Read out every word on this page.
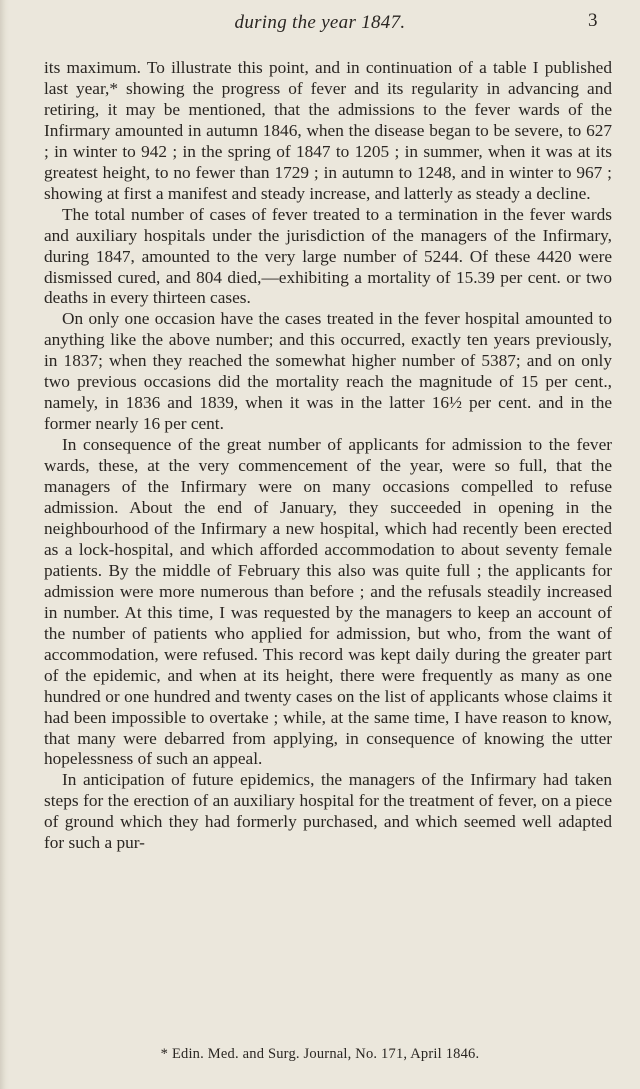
during the year 1847.	3

its maximum. To illustrate this point, and in continuation of a table I published last year,* showing the progress of fever and its regularity in advancing and retiring, it may be mentioned, that the admissions to the fever wards of the Infirmary amounted in autumn 1846, when the disease began to be severe, to 627 ; in winter to 942 ; in the spring of 1847 to 1205 ; in summer, when it was at its greatest height, to no fewer than 1729 ; in autumn to 1248, and in winter to 967 ; showing at first a manifest and steady increase, and latterly as steady a decline.

The total number of cases of fever treated to a termination in the fever wards and auxiliary hospitals under the jurisdiction of the managers of the Infirmary, during 1847, amounted to the very large number of 5244. Of these 4420 were dismissed cured, and 804 died,—exhibiting a mortality of 15.39 per cent. or two deaths in every thirteen cases.

On only one occasion have the cases treated in the fever hospital amounted to anything like the above number; and this occurred, exactly ten years previously, in 1837; when they reached the somewhat higher number of 5387; and on only two previous occasions did the mortality reach the magnitude of 15 per cent., namely, in 1836 and 1839, when it was in the latter 16½ per cent. and in the former nearly 16 per cent.

In consequence of the great number of applicants for admission to the fever wards, these, at the very commencement of the year, were so full, that the managers of the Infirmary were on many occasions compelled to refuse admission. About the end of January, they succeeded in opening in the neighbourhood of the Infirmary a new hospital, which had recently been erected as a lock-hospital, and which afforded accommodation to about seventy female patients. By the middle of February this also was quite full ; the applicants for admission were more numerous than before ; and the refusals steadily increased in number. At this time, I was requested by the managers to keep an account of the number of patients who applied for admission, but who, from the want of accommodation, were refused. This record was kept daily during the greater part of the epidemic, and when at its height, there were frequently as many as one hundred or one hundred and twenty cases on the list of applicants whose claims it had been impossible to overtake ; while, at the same time, I have reason to know, that many were debarred from applying, in consequence of knowing the utter hopelessness of such an appeal.

In anticipation of future epidemics, the managers of the Infirmary had taken steps for the erection of an auxiliary hospital for the treatment of fever, on a piece of ground which they had formerly purchased, and which seemed well adapted for such a pur-

* Edin. Med. and Surg. Journal, No. 171, April 1846.
